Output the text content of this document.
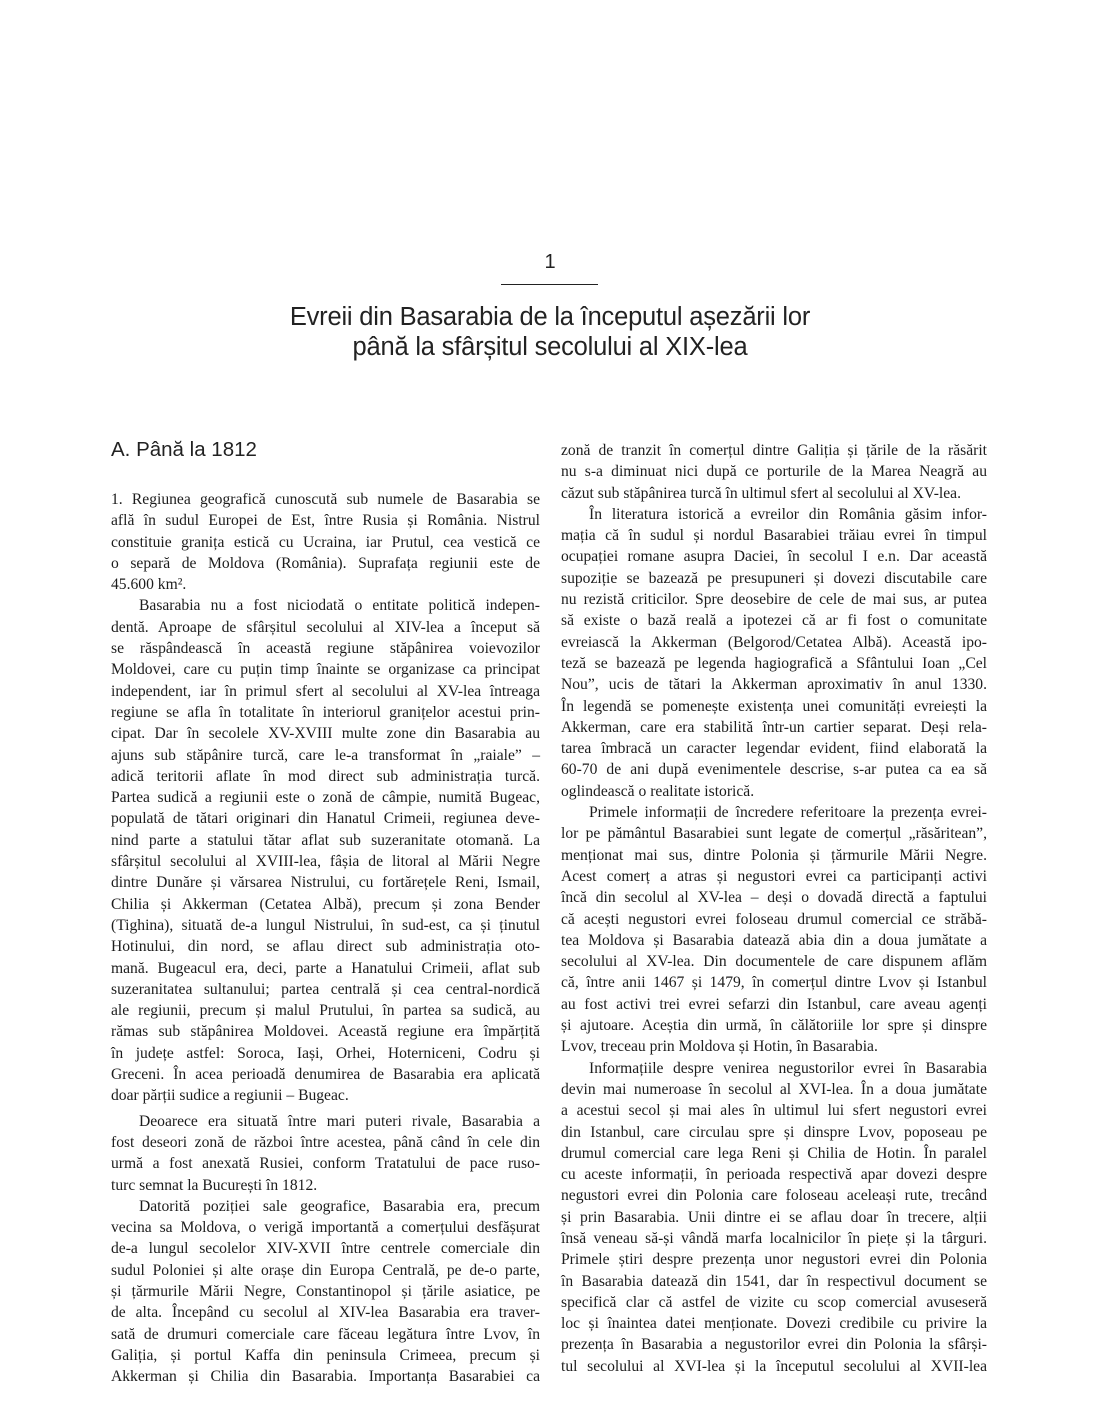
1
Evreii din Basarabia de la începutul așezării lor
până la sfârșitul secolului al XIX-lea
A. Până la 1812
1. Regiunea geografică cunoscută sub numele de Basarabia se
află în sudul Europei de Est, între Rusia și România. Nistrul
constituie granița estică cu Ucraina, iar Prutul, cea vestică ce
o separă de Moldova (România). Suprafața regiunii este de
45.600 km².
Basarabia nu a fost niciodată o entitate politică indepen-
dentă. Aproape de sfârșitul secolului al XIV-lea a început să
se răspândească în această regiune stăpânirea voievozilor
Moldovei, care cu puțin timp înainte se organizase ca principat
independent, iar în primul sfert al secolului al XV-lea întreaga
regiune se afla în totalitate în interiorul granițelor acestui prin-
cipat. Dar în secolele XV-XVIII multe zone din Basarabia au
ajuns sub stăpânire turcă, care le-a transformat în „raiale” –
adică teritorii aflate în mod direct sub administrația turcă.
Partea sudică a regiunii este o zonă de câmpie, numită Bugeac,
populată de tătari originari din Hanatul Crimeii, regiunea deve-
nind parte a statului tătar aflat sub suzeranitate otomană. La
sfârșitul secolului al XVIII-lea, fâșia de litoral al Mării Negre
dintre Dunăre și vărsarea Nistrului, cu fortărețele Reni, Ismail,
Chilia și Akkerman (Cetatea Albă), precum și zona Bender
(Tighina), situată de-a lungul Nistrului, în sud-est, ca și ținutul
Hotinului, din nord, se aflau direct sub administrația oto-
mană. Bugeacul era, deci, parte a Hanatului Crimeii, aflat sub
suzeranitatea sultanului; partea centrală și cea central-nordică
ale regiunii, precum și malul Prutului, în partea sa sudică, au
rămas sub stăpânirea Moldovei. Această regiune era împărțită
în județe astfel: Soroca, Iași, Orhei, Hoterniceni, Codru și
Greceni. În acea perioadă denumirea de Basarabia era aplicată
doar părții sudice a regiunii – Bugeac.
Deoarece era situată între mari puteri rivale, Basarabia a
fost deseori zonă de război între acestea, până când în cele din
urmă a fost anexată Rusiei, conform Tratatului de pace ruso-
turc semnat la București în 1812.
Datorită poziției sale geografice, Basarabia era, precum
vecina sa Moldova, o verigă importantă a comerțului desfășurat
de-a lungul secolelor XIV-XVII între centrele comerciale din
sudul Poloniei și alte orașe din Europa Centrală, pe de-o parte,
și țărmurile Mării Negre, Constantinopol și țările asiatice, pe
de alta. Începând cu secolul al XIV-lea Basarabia era traver-
sată de drumuri comerciale care făceau legătura între Lvov, în
Galiția, și portul Kaffa din peninsula Crimeea, precum și
Akkerman și Chilia din Basarabia. Importanța Basarabiei ca
zonă de tranzit în comerțul dintre Galiția și țările de la răsărit
nu s-a diminuat nici după ce porturile de la Marea Neagră au
căzut sub stăpânirea turcă în ultimul sfert al secolului al XV-lea.
În literatura istorică a evreilor din România găsim infor-
mația că în sudul și nordul Basarabiei trăiau evrei în timpul
ocupației romane asupra Daciei, în secolul I e.n. Dar această
supoziție se bazează pe presupuneri și dovezi discutabile care
nu rezistă criticilor. Spre deosebire de cele de mai sus, ar putea
să existe o bază reală a ipotezei că ar fi fost o comunitate
evreiască la Akkerman (Belgorod/Cetatea Albă). Această ipo-
teză se bazează pe legenda hagiografică a Sfântului Ioan „Cel
Nou”, ucis de tătari la Akkerman aproximativ în anul 1330.
În legendă se pomenește existența unei comunități evreiești la
Akkerman, care era stabilită într-un cartier separat. Deși rela-
tarea îmbracă un caracter legendar evident, fiind elaborată la
60-70 de ani după evenimentele descrise, s-ar putea ca ea să
oglindească o realitate istorică.
Primele informații de încredere referitoare la prezența evrei-
lor pe pământul Basarabiei sunt legate de comerțul „răsăritean”,
menționat mai sus, dintre Polonia și țărmurile Mării Negre.
Acest comerț a atras și negustori evrei ca participanți activi
încă din secolul al XV-lea – deși o dovadă directă a faptului
că acești negustori evrei foloseau drumul comercial ce străbă-
tea Moldova și Basarabia datează abia din a doua jumătate a
secolului al XV-lea. Din documentele de care dispunem aflăm
că, între anii 1467 și 1479, în comerțul dintre Lvov și Istanbul
au fost activi trei evrei sefarzi din Istanbul, care aveau agenți
și ajutoare. Aceștia din urmă, în călătoriile lor spre și dinspre
Lvov, treceau prin Moldova și Hotin, în Basarabia.
Informațiile despre venirea negustorilor evrei în Basarabia
devin mai numeroase în secolul al XVI-lea. În a doua jumătate
a acestui secol și mai ales în ultimul lui sfert negustori evrei
din Istanbul, care circulau spre și dinspre Lvov, poposeau pe
drumul comercial care lega Reni și Chilia de Hotin. În paralel
cu aceste informații, în perioada respectivă apar dovezi despre
negustori evrei din Polonia care foloseau aceleași rute, trecând
și prin Basarabia. Unii dintre ei se aflau doar în trecere, alții
însă veneau să-și vândă marfa localnicilor în piețe și la târguri.
Primele știri despre prezența unor negustori evrei din Polonia
în Basarabia datează din 1541, dar în respectivul document se
specifică clar că astfel de vizite cu scop comercial avuseseră
loc și înaintea datei menționate. Dovezi credibile cu privire la
prezența în Basarabia a negustorilor evrei din Polonia la sfârși-
tul secolului al XVI-lea și la începutul secolului al XVII-lea
